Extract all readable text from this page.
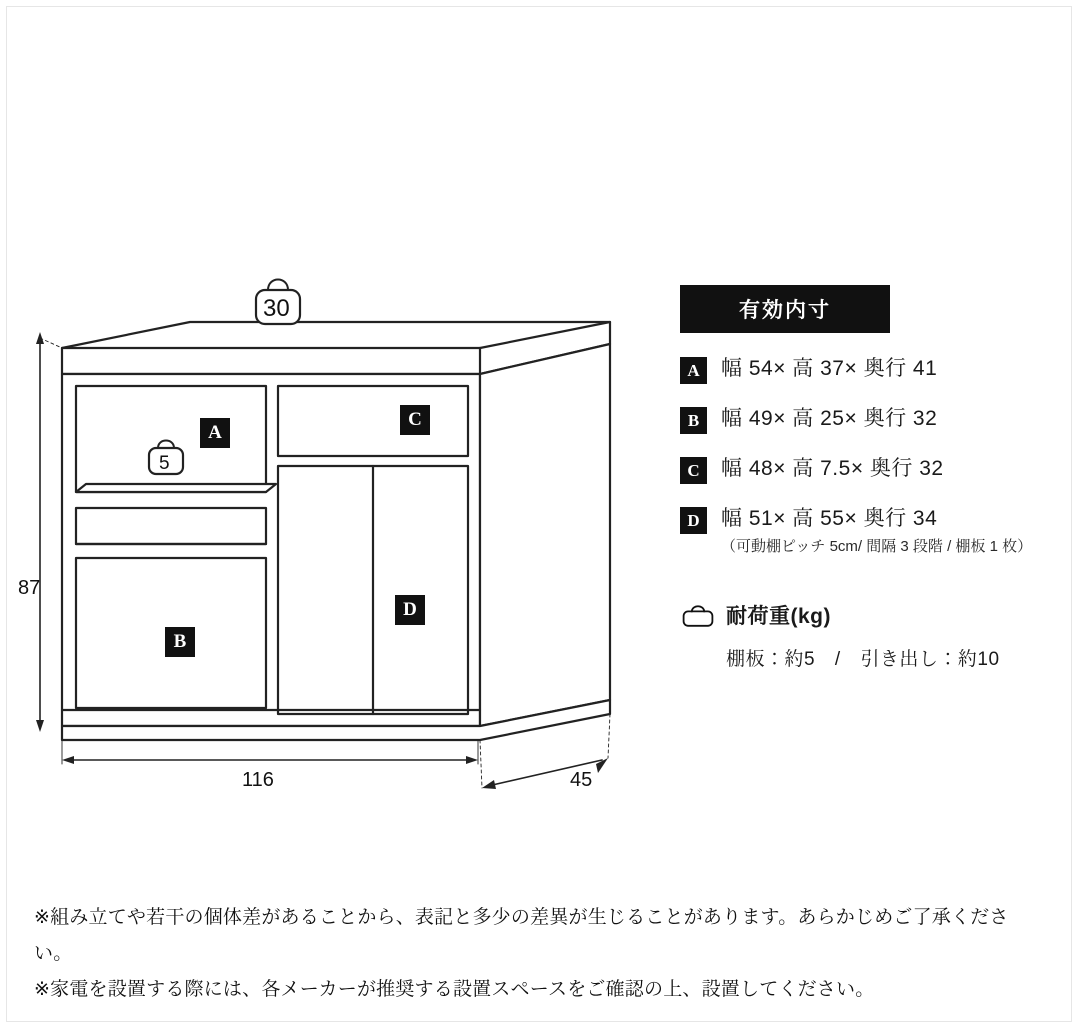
87
116	45
30
5
A
B
C
D
有効内寸
A	幅 54× 高 37× 奥行 41
B	幅 49× 高 25× 奥行 32
C	幅 48× 高 7.5× 奥行 32
D	幅 51× 高 55× 奥行 34
（可動棚ピッチ 5cm/ 間隔 3 段階 / 棚板 1 枚）
耐荷重(kg)
棚板：約5 / 引き出し：約10
※組み立てや若干の個体差があることから、表記と多少の差異が生じることがあります。あらかじめご了承ください。
※家電を設置する際には、各メーカーが推奨する設置スペースをご確認の上、設置してください。
